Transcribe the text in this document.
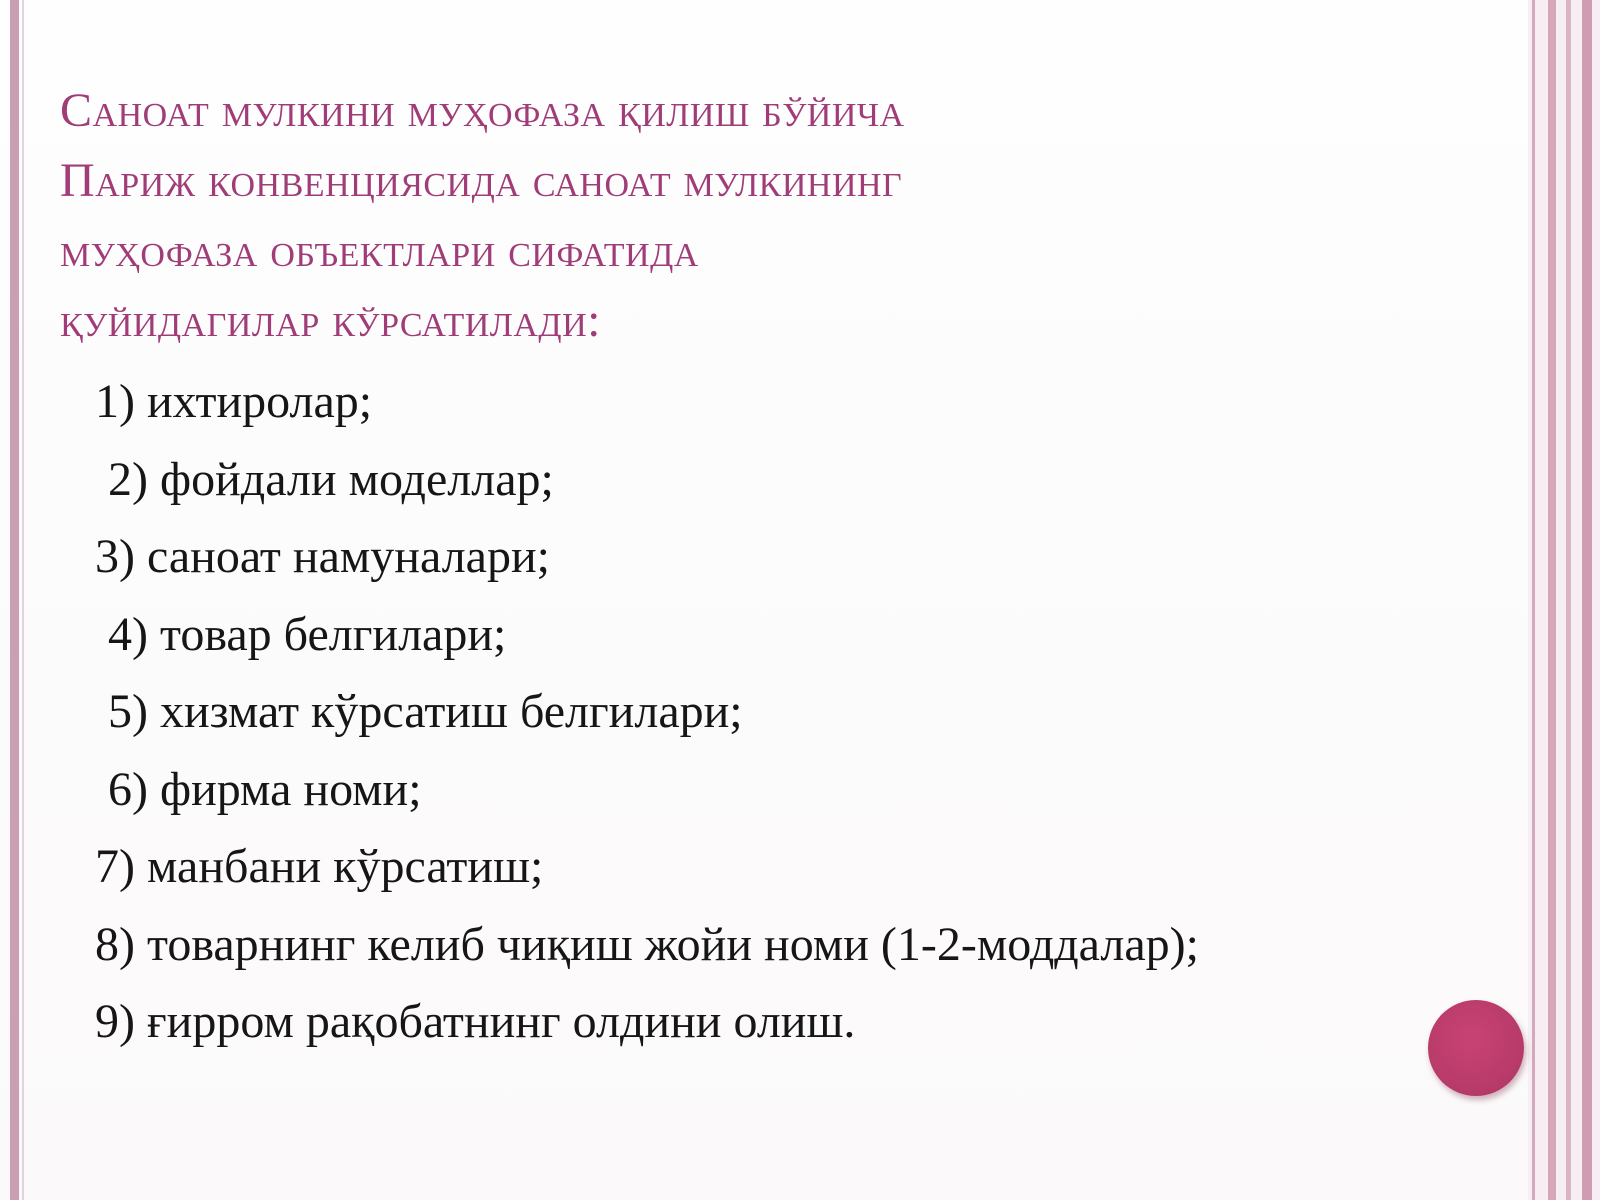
Саноат мулкини муҳофаза қилиш бўйича
Париж конвенциясида саноат мулкининг
муҳофаза объектлари сифатида
қуйидагилар кўрсатилади:
1) ихтиролар;
2) фойдали моделлар;
3) саноат намуналари;
4) товар белгилари;
5) хизмат кўрсатиш белгилари;
6) фирма номи;
7) манбани кўрсатиш;
8) товарнинг келиб чиқиш жойи номи (1-2-моддалар);
9) ғирром рақобатнинг олдини олиш.
